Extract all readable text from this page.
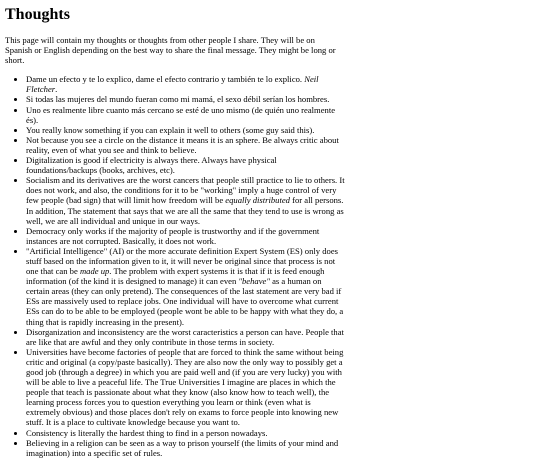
Thoughts

This page will contain my thoughts or thoughts from other people I share. They will be on Spanish or English depending on the best way to share the final message. They might be long or short.

• Dame un efecto y te lo explico, dame el efecto contrario y también te lo explico. Neil Fletcher.
• Si todas las mujeres del mundo fueran como mi mamá, el sexo débil serían los hombres.
• Uno es realmente libre cuanto más cercano se esté de uno mismo (de quién uno realmente és).
• You really know something if you can explain it well to others (some guy said this).
• Not because you see a circle on the distance it means it is an sphere. Be always critic about reality, even of what you see and think to believe.
• Digitalization is good if electricity is always there. Always have physical foundations/backups (books, archives, etc).
• Socialism and its derivatives are the worst cancers that people still practice to lie to others. It does not work, and also, the conditions for it to be "working" imply a huge control of very few people (bad sign) that will limit how freedom will be equally distributed for all persons. In addition, The statement that says that we are all the same that they tend to use is wrong as well, we are all individual and unique in our ways.
• Democracy only works if the majority of people is trustworthy and if the government instances are not corrupted. Basically, it does not work.
• "Artificial Intelligence" (AI) or the more accurate definition Expert System (ES) only does stuff based on the information given to it, it will never be original since that process is not one that can be made up. The problem with expert systems it is that if it is feed enough information (of the kind it is designed to manage) it can even "behave" as a human on certain areas (they can only pretend). The consequences of the last statement are very bad if ESs are massively used to replace jobs. One individual will have to overcome what current ESs can do to be able to be employed (people wont be able to be happy with what they do, a thing that is rapidly increasing in the present).
• Disorganization and inconsistency are the worst caracteristics a person can have. People that are like that are awful and they only contribute in those terms in society.
• Universities have become factories of people that are forced to think the same without being critic and original (a copy/paste basically). They are also now the only way to possibly get a good job (through a degree) in which you are paid well and (if you are very lucky) you with will be able to live a peaceful life. The True Universities I imagine are places in which the people that teach is passionate about what they know (also know how to teach well), the learning process forces you to question everything you learn or think (even what is extremely obvious) and those places don't rely on exams to force people into knowing new stuff. It is a place to cultivate knowledge because you want to.
• Consistency is literally the hardest thing to find in a person nowadays.
• Believing in a religion can be seen as a way to prison yourself (the limits of your mind and imagination) into a specific set of rules.
